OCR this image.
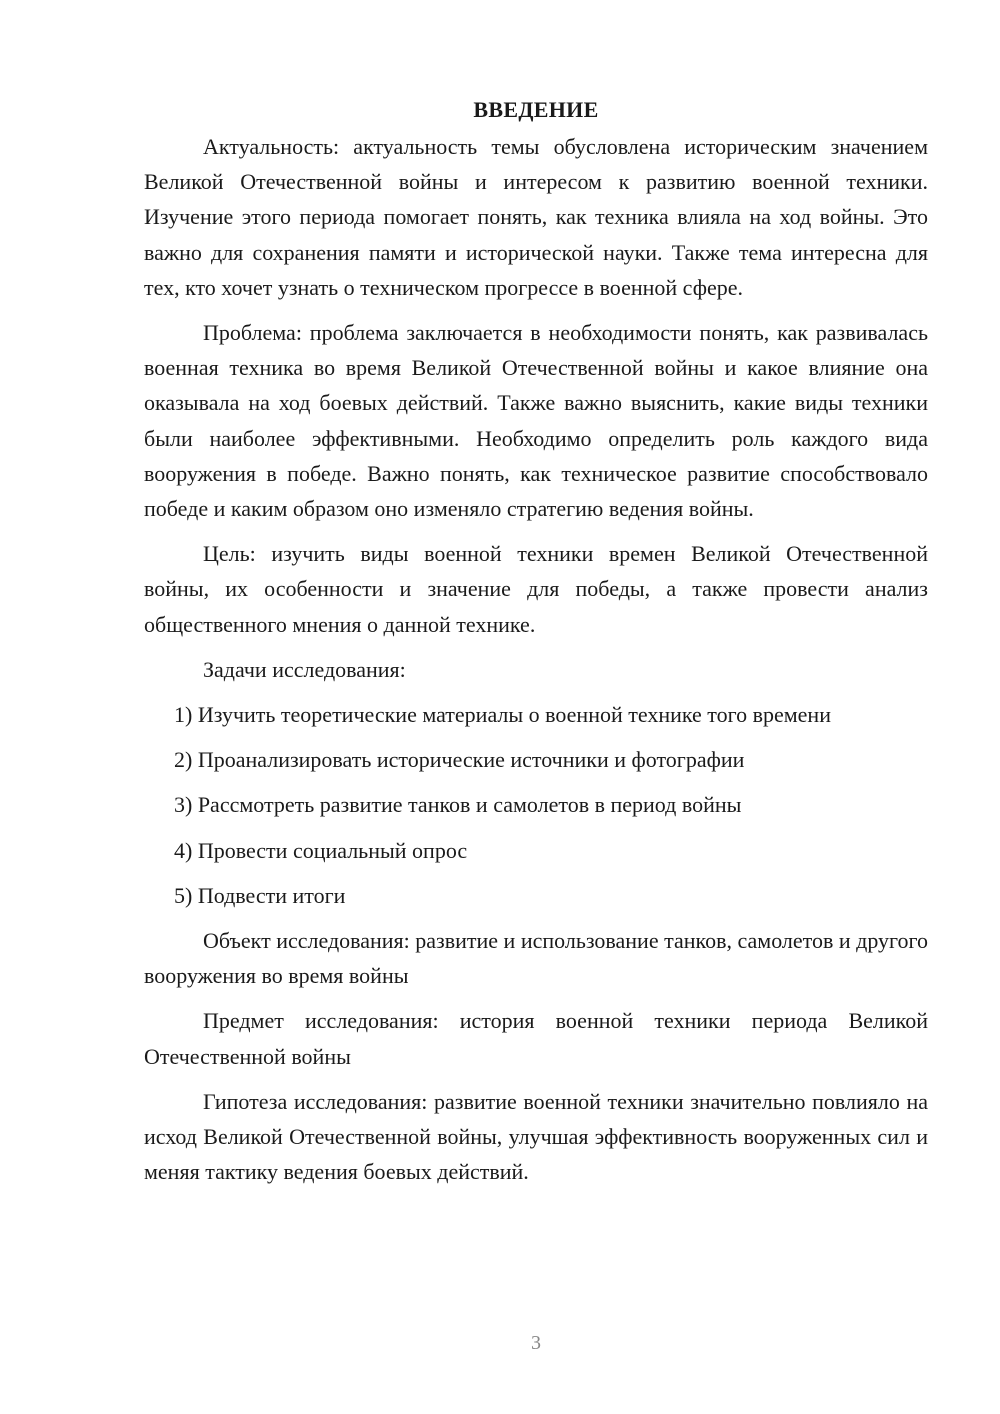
ВВЕДЕНИЕ

Актуальность: актуальность темы обусловлена историческим значением Великой Отечественной войны и интересом к развитию военной техники. Изучение этого периода помогает понять, как техника влияла на ход войны. Это важно для сохранения памяти и исторической науки. Также тема интересна для тех, кто хочет узнать о техническом прогрессе в военной сфере.

Проблема: проблема заключается в необходимости понять, как развивалась военная техника во время Великой Отечественной войны и какое влияние она оказывала на ход боевых действий. Также важно выяснить, какие виды техники были наиболее эффективными. Необходимо определить роль каждого вида вооружения в победе. Важно понять, как техническое развитие способствовало победе и каким образом оно изменяло стратегию ведения войны.

Цель: изучить виды военной техники времен Великой Отечественной войны, их особенности и значение для победы, а также провести анализ общественного мнения о данной технике.

Задачи исследования:

1) Изучить теоретические материалы о военной технике того времени
2) Проанализировать исторические источники и фотографии
3) Рассмотреть развитие танков и самолетов в период войны
4) Провести социальный опрос
5) Подвести итоги

Объект исследования: развитие и использование танков, самолетов и другого вооружения во время войны

Предмет исследования: история военной техники периода Великой Отечественной войны

Гипотеза исследования: развитие военной техники значительно повлияло на исход Великой Отечественной войны, улучшая эффективность вооруженных сил и меняя тактику ведения боевых действий.

3
